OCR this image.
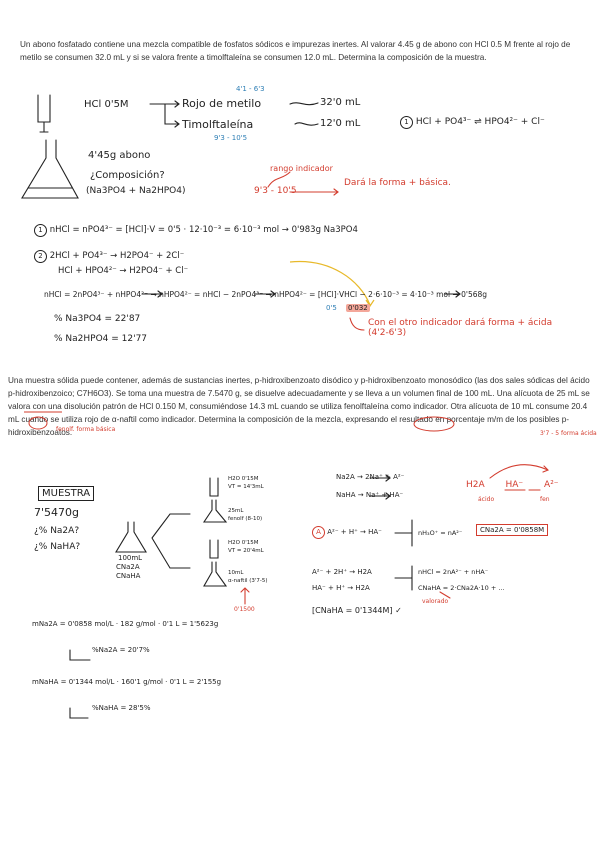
Un abono fosfatado contiene una mezcla compatible de fosfatos sódicos e impurezas inertes. Al valorar 4.45 g de abono con HCl 0.5 M frente al rojo de metilo se consumen 32.0 mL y si se valora frente a timolftaleína se consumen 12.0 mL. Determina la composición de la muestra.
Una muestra sólida puede contener, además de sustancias inertes, p-hidroxibenzoato disódico y p-hidroxibenzoato monosódico (las dos sales sódicas del ácido p-hidroxibenzoico; C7H6O3). Se toma una muestra de 7.5470 g, se disuelve adecuadamente y se lleva a un volumen final de 100 mL. Una alícuota de 25 mL se valora con una disolución patrón de HCl 0.150 M, consumiéndose 14.3 mL cuando se utiliza fenolftaleína como indicador. Otra alícuota de 10 mL consume 20.4 mL cuando se utiliza rojo de α-naftil como indicador. Determina la composición de la mezcla, expresando el resultado en porcentaje m/m de los posibles p-hidroxibenzoatos.
HCl 0'5M
4'1 - 6'3
Rojo de metilo	32'0 mL
Timolftaleína	12'0 mL
9'3 - 10'5
1 HCl + PO4³⁻ ⇌ HPO4²⁻ + Cl⁻
4'45g abono
¿Composición?
(Na3PO4 + Na2HPO4)
rango indicador
9'3 - 10'5
Dará la forma + básica.
1 nHCl = nPO4³⁻ = [HCl]·V = 0'5 · 12·10⁻³ = 6·10⁻³ mol → 0'983g Na3PO4
2 2HCl + PO4³⁻ → H2PO4⁻ + 2Cl⁻
HCl + HPO4²⁻ → H2PO4⁻ + Cl⁻
nHCl = 2nPO4³⁻ + nHPO4²⁻ → nHPO4²⁻ = nHCl − 2nPO4³⁻ → nHPO4²⁻ = [HCl]·VHCl − 2·6·10⁻³ = 4·10⁻³ mol → 0'568g
0'5 0'032
% Na3PO4 = 22'87
% Na2HPO4 = 12'77
Con el otro indicador dará forma + ácida (4'2-6'3)
MUESTRA
7'5470g
¿% Na2A?
¿% NaHA?
100mL
CNa2A
CNaHA
fenolf. forma básica
3'7 - 5 forma ácida
H2O 0'15M
VT = 14'3mL
25mL
fenolf (8-10)
H2O 0'15M
VT = 20'4mL
10mL
α-naftil (3'7-5)
0'1500
Na2A → 2Na⁺ + A²⁻
NaHA → Na⁺ + HA⁻
H2A HA⁻ A²⁻
ácido	fen
A A²⁻ + H⁺ → HA⁻	nH₃O⁺ = nA²⁻	CNa2A = 0'0858M
A²⁻ + 2H⁺ → H2A
HA⁻ + H⁺ → H2A
nHCl = 2nA²⁻ + nHA⁻
CNaHA = 2·CNa2A·10 + ...
valorado
[CNaHA = 0'1344M] ✓
mNa2A = 0'0858 mol/L · 182 g/mol · 0'1 L = 1'5623g
%Na2A = 20'7%
mNaHA = 0'1344 mol/L · 160'1 g/mol · 0'1 L = 2'155g
%NaHA = 28'5%
